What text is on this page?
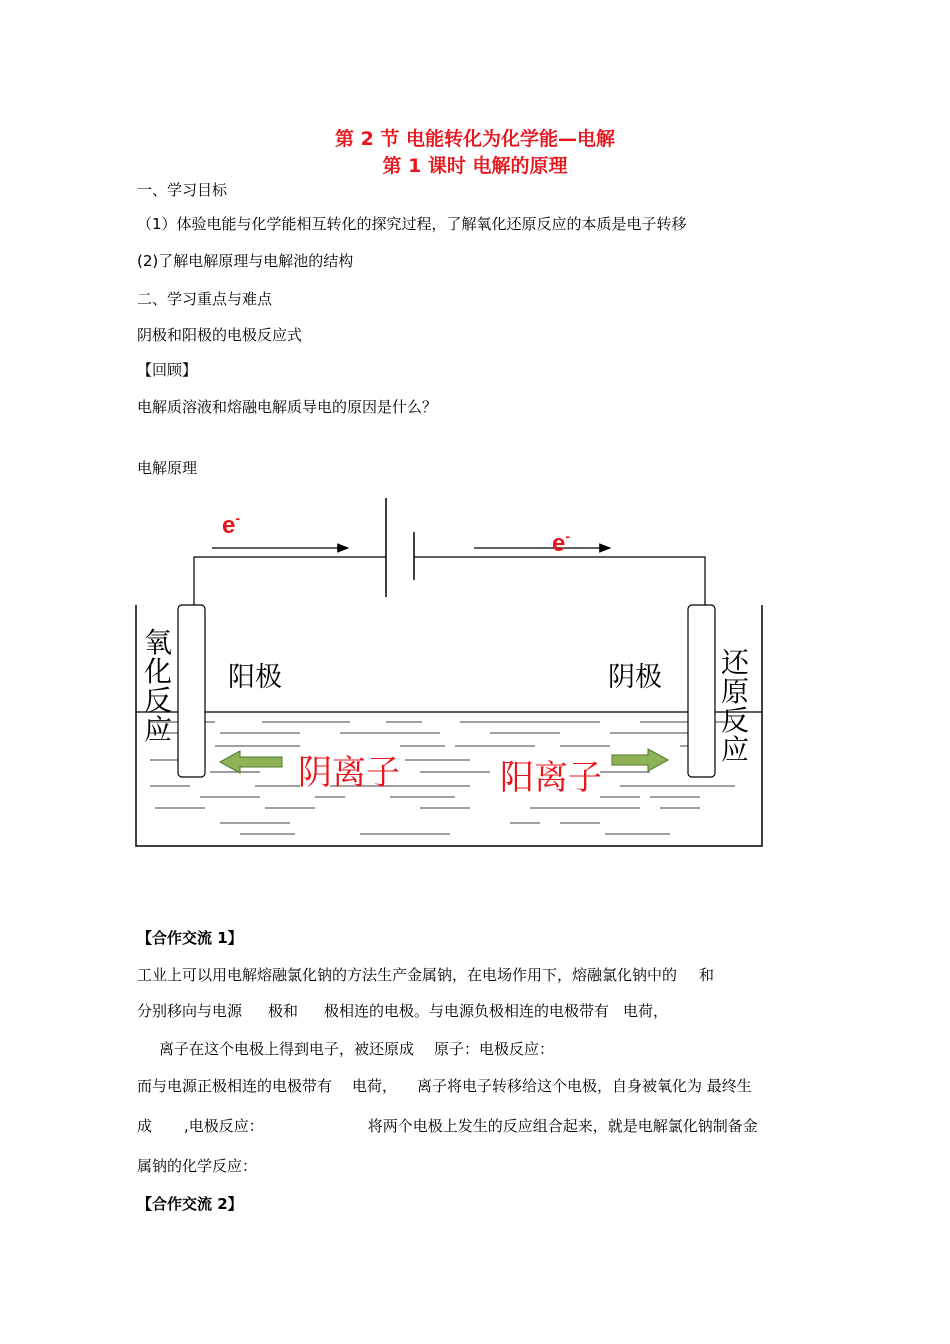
第 2 节 电能转化为化学能—电解
第 1 课时 电解的原理
一、学习目标
（1）体验电能与化学能相互转化的探究过程，了解氧化还原反应的本质是电子转移
(2)了解电解原理与电解池的结构
二、学习重点与难点
阴极和阳极的电极反应式
【回顾】
电解质溶液和熔融电解质导电的原因是什么？
电解原理
e-
e-
氧化反应
还原反应
阳极	阴极
阴离子	阳离子
【合作交流 1】
工业上可以用电解熔融氯化钠的方法生产金属钠，在电场作用下，熔融氯化钠中的 和
分别移向与电源 极和 极相连的电极。与电源负极相连的电极带有 电荷，
离子在这个电极上得到电子，被还原成 原子：电极反应：
而与电源正极相连的电极带有 电荷， 离子将电子转移给这个电极，自身被氧化为 最终生
成 ,电极反应：	将两个电极上发生的反应组合起来，就是电解氯化钠制备金
属钠的化学反应：
【合作交流 2】
